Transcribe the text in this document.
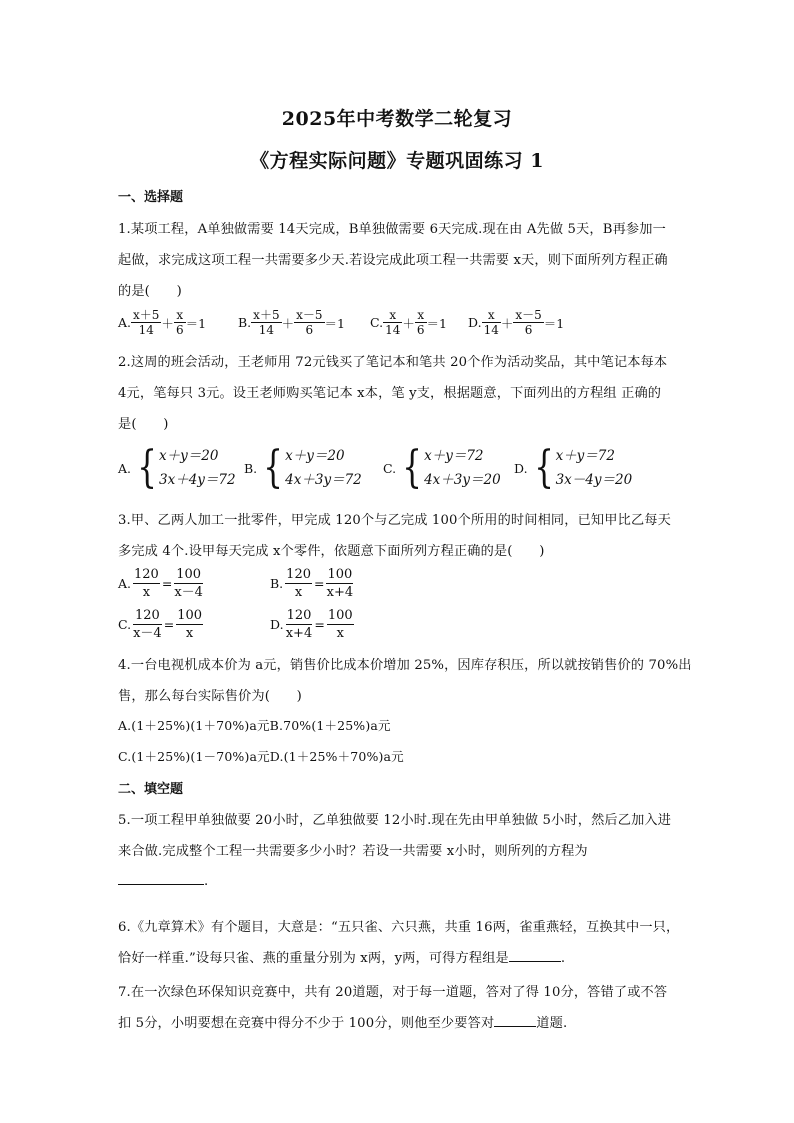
2025年中考数学二轮复习
《方程实际问题》专题巩固练习 1
一、选择题
1.某项工程，A单独做需要 14天完成，B单独做需要 6天完成.现在由 A先做 5天，B再参加一
起做，求完成这项工程一共需要多少天.若设完成此项工程一共需要 x天，则下面所列方程正确
的是(　　)
A. $\frac{x+5}{14} + \frac{x}{6} =1$	B. $\frac{x+5}{14} + \frac{x-5}{6} =1$ C. $\frac{x}{14} + \frac{x}{6} =1$ D. $\frac{x}{14} + \frac{x-5}{6} =1$
2.这周的班会活动，王老师用 72元钱买了笔记本和笔共 20个作为活动奖品，其中笔记本每本
4元，笔每只 3元。设王老师购买笔记本 x本，笔 y支，根据题意，下面列出的方程组 正确的
是(　　)
A. { x＋y＝20
3x＋4y＝72
B. { x＋y＝20
4x＋3y＝72
C. { x＋y＝72
4x＋3y＝20
D. { x＋y＝72
3x－4y＝20
3.甲、乙两人加工一批零件，甲完成 120个与乙完成 100个所用的时间相同，已知甲比乙每天
多完成 4个.设甲每天完成 x个零件，依题意下面所列方程正确的是(　　)
A. $\frac{120}{x} = \frac{100}{x-4}$	B. $\frac{120}{x} = \frac{100}{x+4}$
C. $\frac{120}{x-4} = \frac{100}{x}$	D. $\frac{120}{x+4} = \frac{100}{x}$
4.一台电视机成本价为 a元，销售价比成本价增加 25%，因库存积压，所以就按销售价的 70%出
售，那么每台实际售价为(　　)
A.(1＋25%)(1＋70%)a元B.70%(1＋25%)a元
C.(1＋25%)(1－70%)a元D.(1＋25%＋70%)a元
二、填空题
5.一项工程甲单独做要 20小时，乙单独做要 12小时.现在先由甲单独做 5小时，然后乙加入进
来合做.完成整个工程一共需要多少小时？若设一共需要 x小时，则所列的方程为
.
6.《九章算术》有个题目，大意是：“五只雀、六只燕，共重 16两，雀重燕轻，互换其中一只，
恰好一样重.”设每只雀、燕的重量分别为 x两，y两，可得方程组是	.
7.在一次绿色环保知识竞赛中，共有 20道题，对于每一道题，答对了得 10分，答错了或不答
扣 5分，小明要想在竞赛中得分不少于 100分，则他至少要答对	道题.
